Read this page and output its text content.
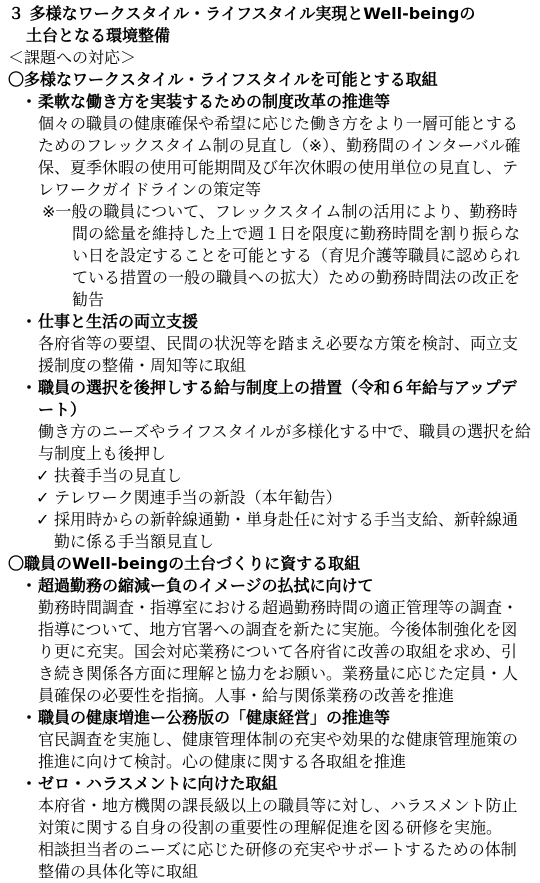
３ 多様なワークスタイル・ライフスタイル実現とWell-beingの
土台となる環境整備
＜課題への対応＞
〇多様なワークスタイル・ライフスタイルを可能とする取組
・柔軟な働き方を実装するための制度改革の推進等
個々の職員の健康確保や希望に応じた働き方をより一層可能とするためのフレックスタイム制の見直し（※）、勤務間のインターバル確保、夏季休暇の使用可能期間及び年次休暇の使用単位の見直し、テレワークガイドラインの策定等
※一般の職員について、フレックスタイム制の活用により、勤務時間の総量を維持した上で週１日を限度に勤務時間を割り振らない日を設定することを可能とする（育児介護等職員に認められている措置の一般の職員への拡大）ための勤務時間法の改正を勧告
・仕事と生活の両立支援
各府省等の要望、民間の状況等を踏まえ必要な方策を検討、両立支援制度の整備・周知等に取組
・職員の選択を後押しする給与制度上の措置（令和６年給与アップデート）
働き方のニーズやライフスタイルが多様化する中で、職員の選択を給与制度上も後押し
✓ 扶養手当の見直し
✓ テレワーク関連手当の新設（本年勧告）
✓ 採用時からの新幹線通勤・単身赴任に対する手当支給、新幹線通勤に係る手当額見直し
〇職員のWell-beingの土台づくりに資する取組
・超過勤務の縮減ー負のイメージの払拭に向けて
勤務時間調査・指導室における超過勤務時間の適正管理等の調査・指導について、地方官署への調査を新たに実施。今後体制強化を図り更に充実。国会対応業務について各府省に改善の取組を求め、引き続き関係各方面に理解と協力をお願い。業務量に応じた定員・人員確保の必要性を指摘。人事・給与関係業務の改善を推進
・職員の健康増進ー公務版の「健康経営」の推進等
官民調査を実施し、健康管理体制の充実や効果的な健康管理施策の推進に向けて検討。心の健康に関する各取組を推進
・ゼロ・ハラスメントに向けた取組
本府省・地方機関の課長級以上の職員等に対し、ハラスメント防止対策に関する自身の役割の重要性の理解促進を図る研修を実施。
相談担当者のニーズに応じた研修の充実やサポートするための体制整備の具体化等に取組
